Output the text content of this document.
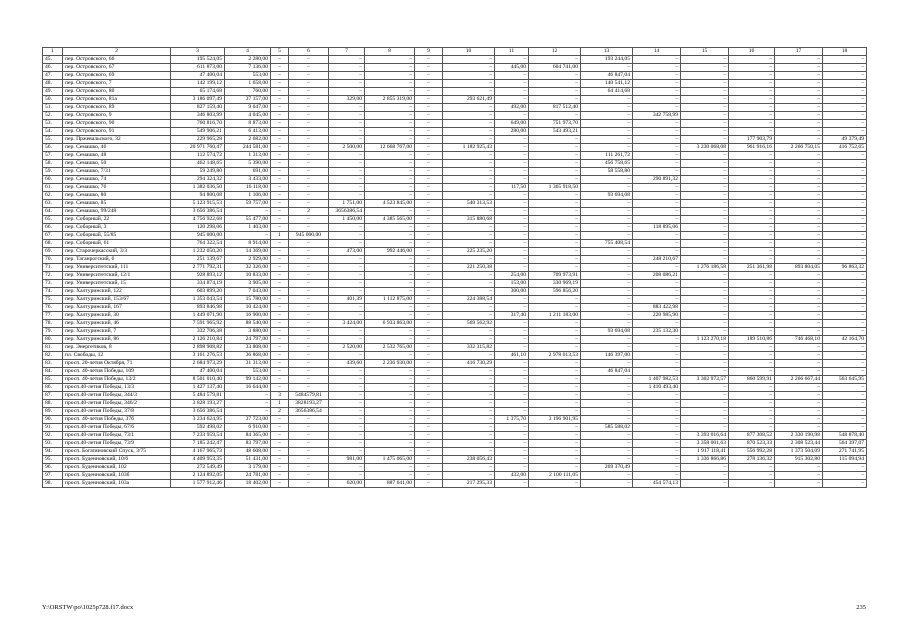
1	2	3	4	5	6	7	8	9	10	11	12	13	14	15	16	17	18
45.	пер. Островского, 66	195 524,05	2 280,00	–	–	–	–	–	–	–	–	193 244,05	–	–	–	–	–
46.	пер. Островского, 67	611 873,00	7 136,00	–	–	–	–	–	–	445,00	604 741,00	–	–	–	–	–	–
47.	пер. Островского, 69	47 400,04	553,00	–	–	–	–	–	–	–	–	46 847,04	–	–	–	–	–
48.	пер. Островского, 7	142 199,12	1 658,00	–	–	–	–	–	–	–	–	140 541,12	–	–	–	–	–
49.	пер. Островского, 80	65 174,68	760,00	–	–	–	–	–	–	–	–	64 414,68	–	–	–	–	–
50.	пер. Островского, 81а	3 186 097,49	37 157,00	–	–	329,00	2 855 319,00	–	293 621,49	–	–	–	–	–	–	–	–
51.	пер. Островского, 89	827 159,40	9 647,00	–	–	–	–	–	–	492,00	817 512,40	–	–	–	–	–	–
52.	пер. Островского, 9	346 803,99	4 045,00	–	–	–	–	–	–	–	–	–	342 758,99	–	–	–	–
53.	пер. Островского, 90	760 816,70	8 873,00	–	–	–	–	–	–	649,00	751 973,70	–	–	–	–	–	–
54.	пер. Островского, 91	549 906,21	6 413,00	–	–	–	–	–	–	280,00	543 493,21	–	–	–	–	–	–
55.	пер. Пржевальского, 32	229 965,28	2 682,00	–	–	–	–	–	–	–	–	–	–	–	177 903,79	–	49 379,49
56.	пер. Семашко, 46	20 971 760,47	244 581,00	–	–	2 500,00	12 668 767,00	–	1 182 925,43	–	–	–	–	3 230 068,08	961 916,16	2 266 750,15	416 752,65
57.	пер. Семашко, 48	112 574,72	1 313,00	–	–	–	–	–	–	–	–	111 261,72	–	–	–	–	–
58.	пер. Семашко, 50	462 148,65	5 390,00	–	–	–	–	–	–	–	–	456 758,65	–	–	–	–	–
59.	пер. Семашко, 7/31	59 249,80	691,00	–	–	–	–	–	–	–	–	58 558,80	–	–	–	–	–
60.	пер. Семашко, 74	294 324,32	3 433,00	–	–	–	–	–	–	–	–	–	290 891,32	–	–	–	–
61.	пер. Семашко, 76	1 382 036,50	16 118,00	–	–	–	–	–	–	117,50	1 365 918,50	–	–	–	–	–	–
62.	пер. Семашко, 80	94 800,08	1 106,00	–	–	–	–	–	–	–	–	93 694,08	–	–	–	–	–
63.	пер. Семашко, 85	5 123 915,53	59 757,00	–	–	1 751,00	4 523 845,00	–	540 313,53	–	–	–	–	–	–	–	–
64.	пер. Семашко, 99/248	3 656 386,54	–	–	2	3656386,54	–	–	–	–	–	–	–	–	–	–	–
65.	пер. Соборный, 22	4 756 922,68	55 477,00	–	–	1 450,00	4 385 565,00	–	315 880,68	–	–	–	–	–	–	–	–
66.	пер. Соборный, 3	120 298,06	1 403,00	–	–	–	–	–	–	–	–	–	118 895,06	–	–	–	–
67.	пер. Соборный, 55/85	945 000,00	–	1	945 000,00	–	–	–	–	–	–	–	–	–	–	–	–
68.	пер. Соборный, 61	764 322,54	8 914,00	–	–	–	–	–	–	–	–	755 408,54	–	–	–	–	–
69.	пер. Старочеркасский, 3/3	1 232 050,20	14 369,00	–	–	473,00	992 446,00	–	225 235,20	–	–	–	–	–	–	–	–
70.	пер. Таганрогский, 6	251 139,67	2 929,00	–	–	–	–	–	–	–	–	–	248 210,67	–	–	–	–
71.	пер. Университетский, 111	2 771 792,31	32 326,00	–	–	–	–	–	221 250,38	–	–	–	–	1 276 186,58	251 361,98	893 804,05	96 863,32
72.	пер. Университетский, 12/1	928 893,12	10 833,00	–	–	–	–	–	–	254,00	709 973,91	–	208 086,21	–	–	–	–
73.	пер. Университетский, 15	334 874,19	3 905,00	–	–	–	–	–	–	153,00	330 969,19	–	–	–	–	–	–
74.	пер. Халтуринский, 122	603 899,20	7 043,00	–	–	–	–	–	–	300,00	596 856,20	–	–	–	–	–	–
75.	пер. Халтуринский, 153/67	1 353 043,54	15 780,00	–	–	401,39	1 112 875,00	–	224 388,54	–	–	–	–	–	–	–	–
76.	пер. Халтуринский, 167	893 846,98	10 424,00	–	–	–	–	–	–	–	–	–	883 422,98	–	–	–	–
77.	пер. Халтуринский, 30	1 449 071,90	16 900,00	–	–	–	–	–	–	317,40	1 211 183,00	–	220 985,90	–	–	–	–
78.	пер. Халтуринский, 46	7 591 965,92	88 540,00	–	–	3 424,00	6 933 863,00	–	569 562,92	–	–	–	–	–	–	–	–
79.	пер. Халтуринский, 7	332 706,38	3 880,00	–	–	–	–	–	–	–	–	93 694,08	235 132,30	–	–	–	–
80.	пер. Халтуринский, 86	2 126 210,84	24 797,00	–	–	–	–	–	–	–	–	–	–	1 123 270,18	189 510,86	746 468,10	42 164,70
81.	пер. Энергетиков, 8	2 898 908,82	33 808,00	–	–	2 520,00	2 532 765,00	–	332 315,82	–	–	–	–	–	–	–	–
82.	пл. Свободы, 12	3 161 276,53	36 868,00	–	–	–	–	–	–	461,10	2 978 013,53	146 397,00	–	–	–	–	–
83.	просп. 20-летия Октября, 71	2 684 973,29	31 313,00	–	–	439,60	2 236 930,00	–	416 730,29	–	–	–	–	–	–	–	–
84.	просп. 40-летия Победы, 109	47 400,04	553,00	–	–	–	–	–	–	–	–	46 847,04	–	–	–	–	–
85.	просп. 40-летия Победы, 13/2	8 501 010,40	99 142,00	–	–	–	–	–	–	–	–	–	1 407 982,53	3 302 972,57	860 599,91	2 266 667,44	563 645,95
86.	просп.40-летия Победы, 13/3	1 427 137,40	16 644,00	–	–	–	–	–	–	–	–	–	1 410 493,40	–	–	–	–
87.	просп.40-летия Победы, 344/3	5 484 579,81	–	3	5484579,81	–	–	–	–	–	–	–	–	–	–	–	–
88.	просп.40-летия Победы, 346/2	3 828 193,27	–	1	3828193,27	–	–	–	–	–	–	–	–	–	–	–	–
89.	просп.40-летия Победы, 37/8	3 656 386,54	–	2	3656386,54	–	–	–	–	–	–	–	–	–	–	–	–
90.	просп. 40-летия Победы, 37б	3 234 624,95	37 723,00	–	–	–	–	–	–	1 375,70	3 196 901,95	–	–	–	–	–	–
91.	просп.40-летия Победы, 67/6	592 498,02	6 910,00	–	–	–	–	–	–	–	–	585 588,02	–	–	–	–	–
92.	просп.40-летия Победы, 73/1	7 233 959,54	84 365,00	–	–	–	–	–	–	–	–	–	–	3 393 016,64	877 308,52	2 330 190,98	548 878,40
93.	просп.40-летия Победы, 73/9	7 185 242,47	83 797,00	–	–	–	–	–	–	–	–	–	–	3 358 001,63	870 523,33	2 308 523,44	564 397,07
94.	просп. Богатяновский Спуск, 3/75	4 167 965,73	48 608,00	–	–	–	–	–	–	–	–	–	–	1 917 118,41	556 992,28	1 373 504,09	271 741,95
95.	просп. Буденновский, 10/6	4 409 953,35	51 431,00	–	–	981,00	1 475 065,00	–	238 056,43	–	–	–	–	1 336 866,86	278 136,32	915 302,80	115 094,94
96.	просп. Буденновский, 102	272 549,49	3 179,00	–	–	–	–	–	–	–	–	269 370,49	–	–	–	–	–
97.	просп. Буденновский, 103б	2 124 892,05	24 781,00	–	–	–	–	–	–	432,00	2 100 111,05	–	–	–	–	–	–
98.	просп. Буденновский, 103а	1 577 912,46	18 402,00	–	–	620,00	887 641,00	–	217 295,33	–	–	–	454 574,13	–	–	–	–
Y:\ORSTW\ро\1025р728.f17.docx	235
